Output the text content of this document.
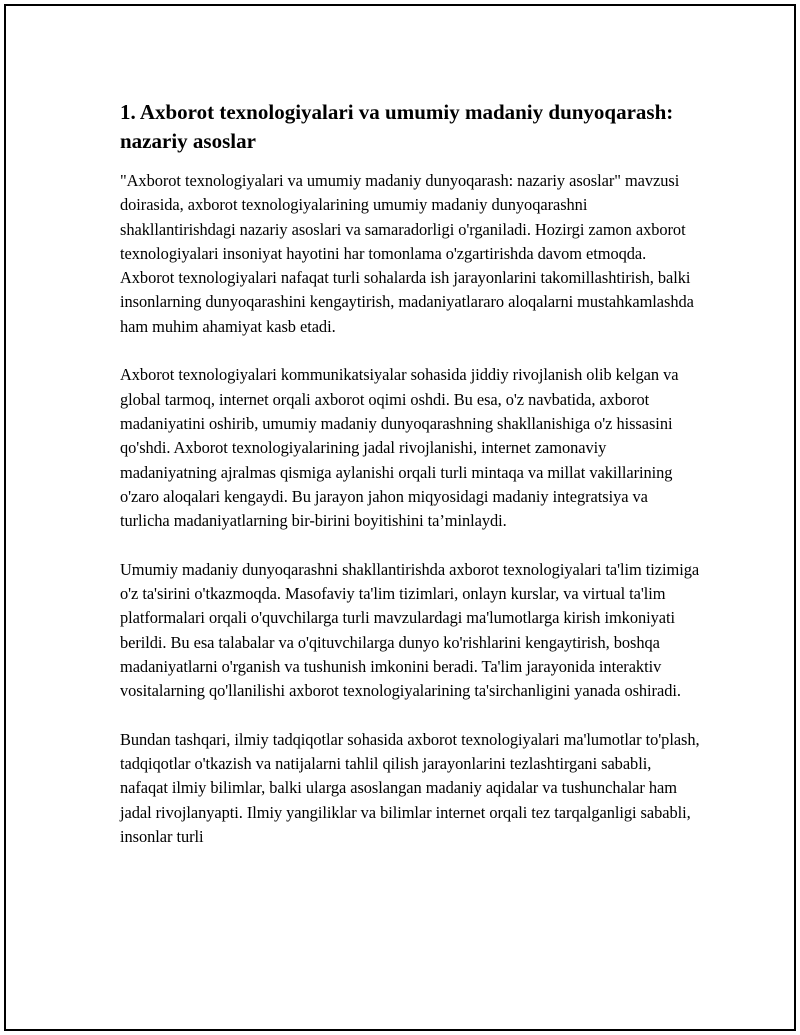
1. Axborot texnologiyalari va umumiy madaniy dunyoqarash: nazariy asoslar

"Axborot texnologiyalari va umumiy madaniy dunyoqarash: nazariy asoslar" mavzusi doirasida, axborot texnologiyalarining umumiy madaniy dunyoqarashni shakllantirishdagi nazariy asoslari va samaradorligi o'rganiladi. Hozirgi zamon axborot texnologiyalari insoniyat hayotini har tomonlama o'zgartirishda davom etmoqda. Axborot texnologiyalari nafaqat turli sohalarda ish jarayonlarini takomillashtirish, balki insonlarning dunyoqarashini kengaytirish, madaniyatlararo aloqalarni mustahkamlashda ham muhim ahamiyat kasb etadi.

Axborot texnologiyalari kommunikatsiyalar sohasida jiddiy rivojlanish olib kelgan va global tarmoq, internet orqali axborot oqimi oshdi. Bu esa, o'z navbatida, axborot madaniyatini oshirib, umumiy madaniy dunyoqarashning shakllanishiga o'z hissasini qo'shdi. Axborot texnologiyalarining jadal rivojlanishi, internet zamonaviy madaniyatning ajralmas qismiga aylanishi orqali turli mintaqa va millat vakillarining o'zaro aloqalari kengaydi. Bu jarayon jahon miqyosidagi madaniy integratsiya va turlicha madaniyatlarning bir-birini boyitishini ta’minlaydi.

Umumiy madaniy dunyoqarashni shakllantirishda axborot texnologiyalari ta'lim tizimiga o'z ta'sirini o'tkazmoqda. Masofaviy ta'lim tizimlari, onlayn kurslar, va virtual ta'lim platformalari orqali o'quvchilarga turli mavzulardagi ma'lumotlarga kirish imkoniyati berildi. Bu esa talabalar va o'qituvchilarga dunyo ko'rishlarini kengaytirish, boshqa madaniyatlarni o'rganish va tushunish imkonini beradi. Ta'lim jarayonida interaktiv vositalarning qo'llanilishi axborot texnologiyalarining ta'sirchanligini yanada oshiradi.

Bundan tashqari, ilmiy tadqiqotlar sohasida axborot texnologiyalari ma'lumotlar to'plash, tadqiqotlar o'tkazish va natijalarni tahlil qilish jarayonlarini tezlashtirgani sababli, nafaqat ilmiy bilimlar, balki ularga asoslangan madaniy aqidalar va tushunchalar ham jadal rivojlanyapti. Ilmiy yangiliklar va bilimlar internet orqali tez tarqalganligi sababli, insonlar turli
